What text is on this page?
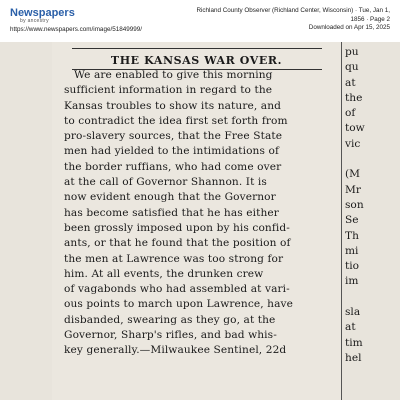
Newspapers
by ancestry
https://www.newspapers.com/image/51849999/
Richland County Observer (Richland Center, Wisconsin) · Tue, Jan 1,
1856 · Page 2
Downloaded on Apr 15, 2025
THE KANSAS WAR OVER.
We are enabled to give this morning
sufficient information in regard to the
Kansas troubles to show its nature, and
to contradict the idea first set forth from
pro-slavery sources, that the Free State
men had yielded to the intimidations of
the border ruffians, who had come over
at the call of Governor Shannon. It is
now evident enough that the Governor
has become satisfied that he has either
been grossly imposed upon by his confid-
ants, or that he found that the position of
the men at Lawrence was too strong for
him. At all events, the drunken crew
of vagabonds who had assembled at vari-
ous points to march upon Lawrence, have
disbanded, swearing as they go, at the
Governor, Sharp's rifles, and bad whis-
key generally.—Milwaukee Sentinel, 22d
pu
qu
at
the
of
tow
vic

(M
Mr
son
Se
Th
mi
tio
im

sla
at
tim
hel
